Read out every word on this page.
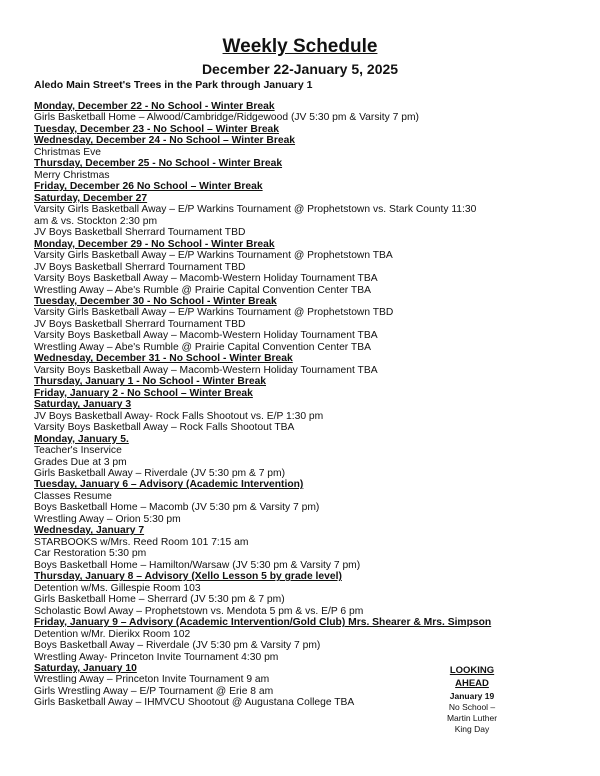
Weekly Schedule
December 22-January 5, 2025
Aledo Main Street's Trees in the Park through January 1
Monday, December 22 - No School - Winter Break
Girls Basketball Home – Alwood/Cambridge/Ridgewood (JV 5:30 pm & Varsity 7 pm)
Tuesday, December 23 - No School – Winter Break
Wednesday, December 24 - No School – Winter Break
Christmas Eve
Thursday, December 25 - No School - Winter Break
Merry Christmas
Friday, December 26 No School – Winter Break
Saturday, December 27
Varsity Girls Basketball Away – E/P Warkins Tournament @ Prophetstown vs. Stark County 11:30
am & vs. Stockton 2:30 pm
JV Boys Basketball Sherrard Tournament TBD
Monday, December 29 - No School - Winter Break
Varsity Girls Basketball Away – E/P Warkins Tournament @ Prophetstown TBA
JV Boys Basketball Sherrard Tournament TBD
Varsity Boys Basketball Away – Macomb-Western Holiday Tournament TBA
Wrestling Away – Abe's Rumble @ Prairie Capital Convention Center TBA
Tuesday, December 30 - No School - Winter Break
Varsity Girls Basketball Away – E/P Warkins Tournament @ Prophetstown TBD
JV Boys Basketball Sherrard Tournament TBD
Varsity Boys Basketball Away – Macomb-Western Holiday Tournament TBA
Wrestling Away – Abe's Rumble @ Prairie Capital Convention Center TBA
Wednesday, December 31 - No School - Winter Break
Varsity Boys Basketball Away – Macomb-Western Holiday Tournament TBA
Thursday, January 1 - No School - Winter Break
Friday, January 2 - No School – Winter Break
Saturday, January 3
JV Boys Basketball Away- Rock Falls Shootout vs. E/P 1:30 pm
Varsity Boys Basketball Away – Rock Falls Shootout TBA
Monday, January 5.
Teacher's Inservice
Grades Due at 3 pm
Girls Basketball Away – Riverdale (JV 5:30 pm & 7 pm)
Tuesday, January 6 – Advisory (Academic Intervention)
Classes Resume
Boys Basketball Home – Macomb (JV 5:30 pm & Varsity 7 pm)
Wrestling Away – Orion 5:30 pm
Wednesday, January 7
STARBOOKS w/Mrs. Reed Room 101 7:15 am
Car Restoration 5:30 pm
Boys Basketball Home – Hamilton/Warsaw (JV 5:30 pm & Varsity 7 pm)
Thursday, January 8 – Advisory (Xello Lesson 5 by grade level)
Detention w/Ms. Gillespie Room 103
Girls Basketball Home – Sherrard (JV 5:30 pm & 7 pm)
Scholastic Bowl Away – Prophetstown vs. Mendota 5 pm & vs. E/P 6 pm
Friday, January 9 – Advisory (Academic Intervention/Gold Club) Mrs. Shearer & Mrs. Simpson
Detention w/Mr. Dierikx Room 102
Boys Basketball Away – Riverdale (JV 5:30 pm & Varsity 7 pm)
Wrestling Away- Princeton Invite Tournament 4:30 pm
Saturday, January 10
Wrestling Away – Princeton Invite Tournament 9 am
Girls Wrestling Away – E/P Tournament @ Erie 8 am
Girls Basketball Away – IHMVCU Shootout @ Augustana College TBA
LOOKING
AHEAD
January 19
No School –
Martin Luther
King Day
